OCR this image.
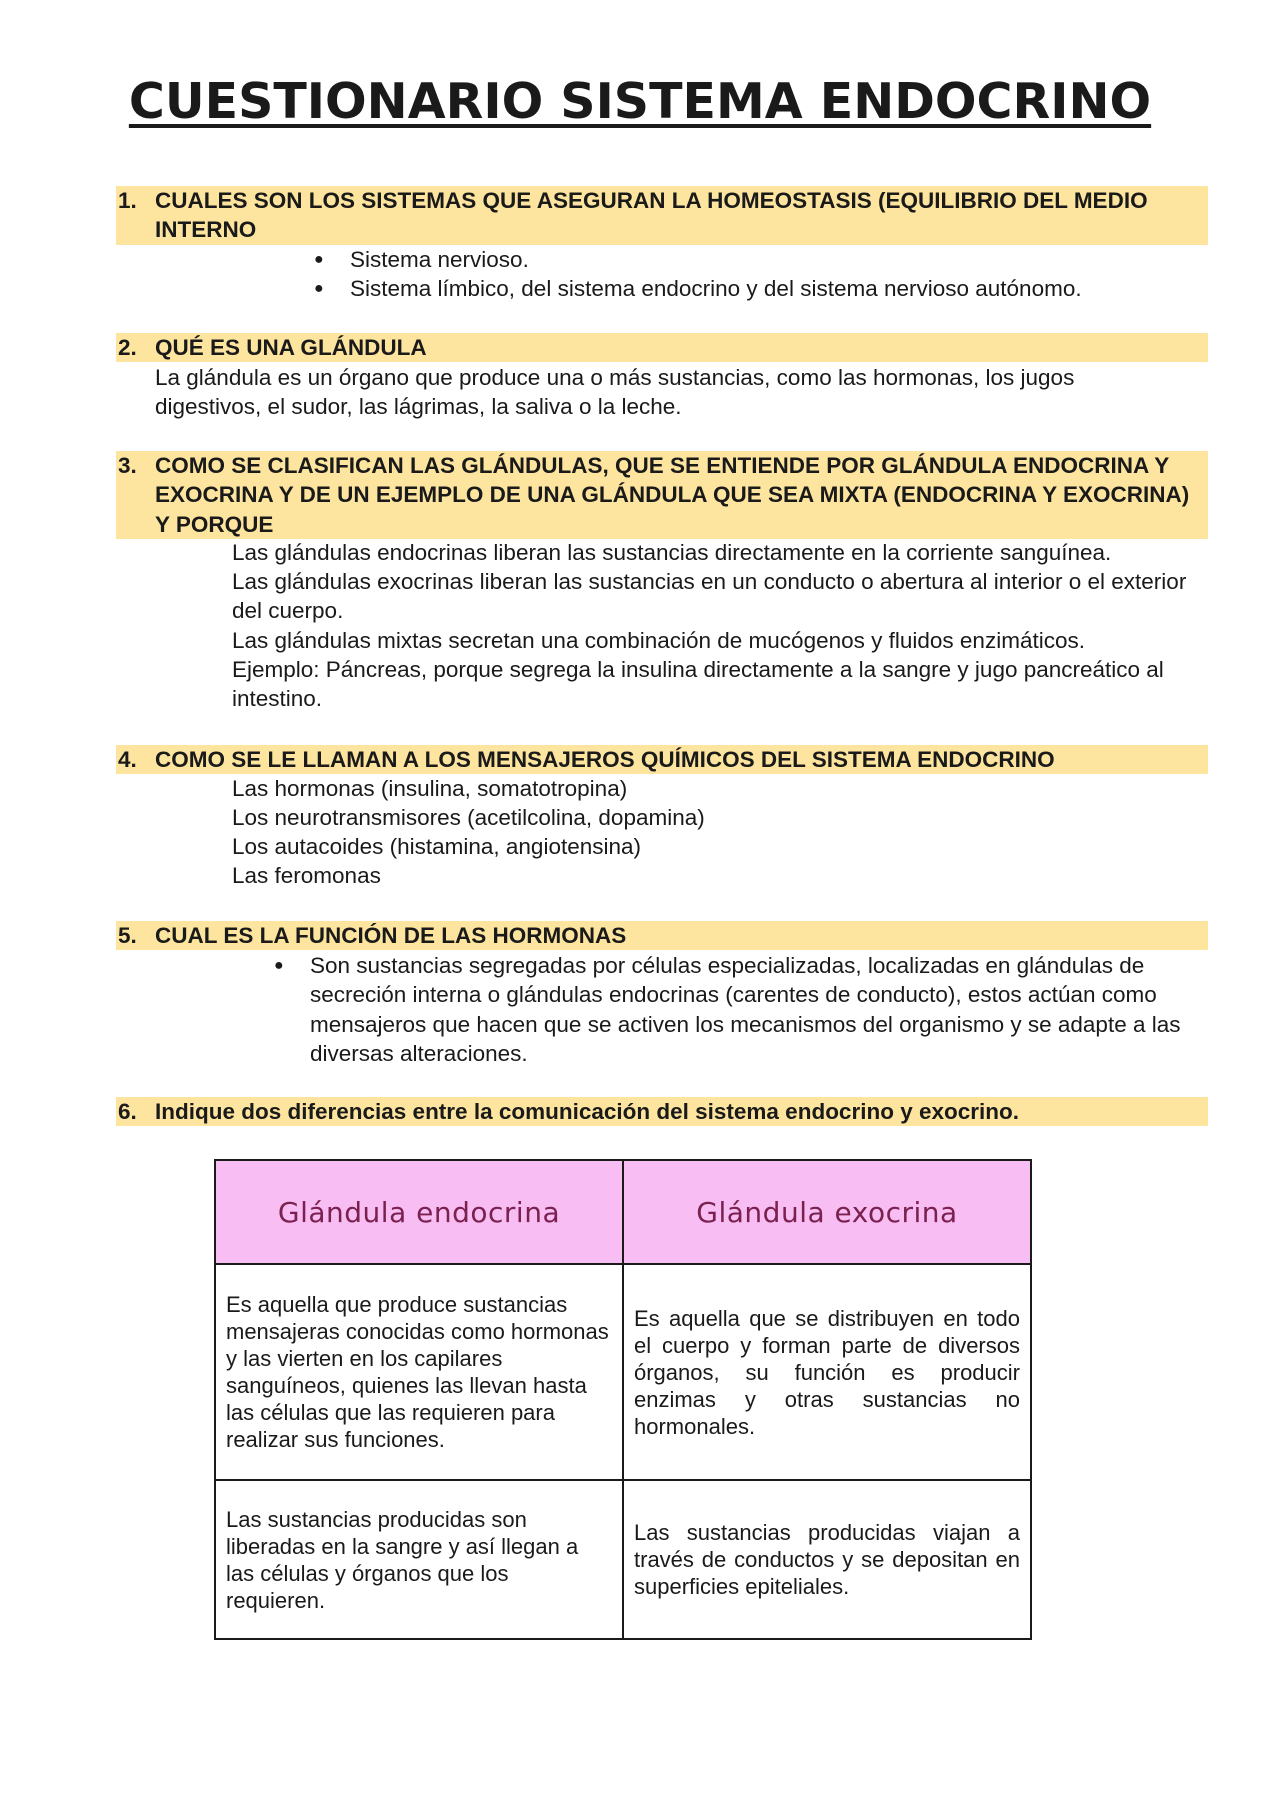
CUESTIONARIO SISTEMA ENDOCRINO
1. CUALES SON LOS SISTEMAS QUE ASEGURAN LA HOMEOSTASIS (EQUILIBRIO DEL MEDIO INTERNO

● Sistema nervioso.

● Sistema límbico, del sistema endocrino y del sistema nervioso autónomo.

2. QUÉ ES UNA GLÁNDULA

La glándula es un órgano que produce una o más sustancias, como las hormonas, los jugos digestivos, el sudor, las lágrimas, la saliva o la leche.

3. COMO SE CLASIFICAN LAS GLÁNDULAS, QUE SE ENTIENDE POR GLÁNDULA ENDOCRINA Y EXOCRINA Y DE UN EJEMPLO DE UNA GLÁNDULA QUE SEA MIXTA (ENDOCRINA Y EXOCRINA) Y PORQUE

Las glándulas endocrinas liberan las sustancias directamente en la corriente sanguínea.

Las glándulas exocrinas liberan las sustancias en un conducto o abertura al interior o el exterior del cuerpo.

Las glándulas mixtas secretan una combinación de mucógenos y fluidos enzimáticos.

Ejemplo: Páncreas, porque segrega la insulina directamente a la sangre y jugo pancreático al intestino.

4. COMO SE LE LLAMAN A LOS MENSAJEROS QUÍMICOS DEL SISTEMA ENDOCRINO

Las hormonas (insulina, somatotropina)

Los neurotransmisores (acetilcolina, dopamina)

Los autacoides (histamina, angiotensina)

Las feromonas

5. CUAL ES LA FUNCIÓN DE LAS HORMONAS

● Son sustancias segregadas por células especializadas, localizadas en glándulas de secreción interna o glándulas endocrinas (carentes de conducto), estos actúan como mensajeros que hacen que se activen los mecanismos del organismo y se adapte a las diversas alteraciones.

6. Indique dos diferencias entre la comunicación del sistema endocrino y exocrino.
Glándula endocrina	Glándula exocrina
Es aquella que produce sustancias mensajeras conocidas como hormonas y las vierten en los capilares sanguíneos, quienes las llevan hasta las células que las requieren para realizar sus funciones.	Es aquella que se distribuyen en todo el cuerpo y forman parte de diversos órganos, su función es producir enzimas y otras sustancias no hormonales.
Las sustancias producidas son liberadas en la sangre y así llegan a las células y órganos que los requieren.	Las sustancias producidas viajan a través de conductos y se depositan en superficies epiteliales.
